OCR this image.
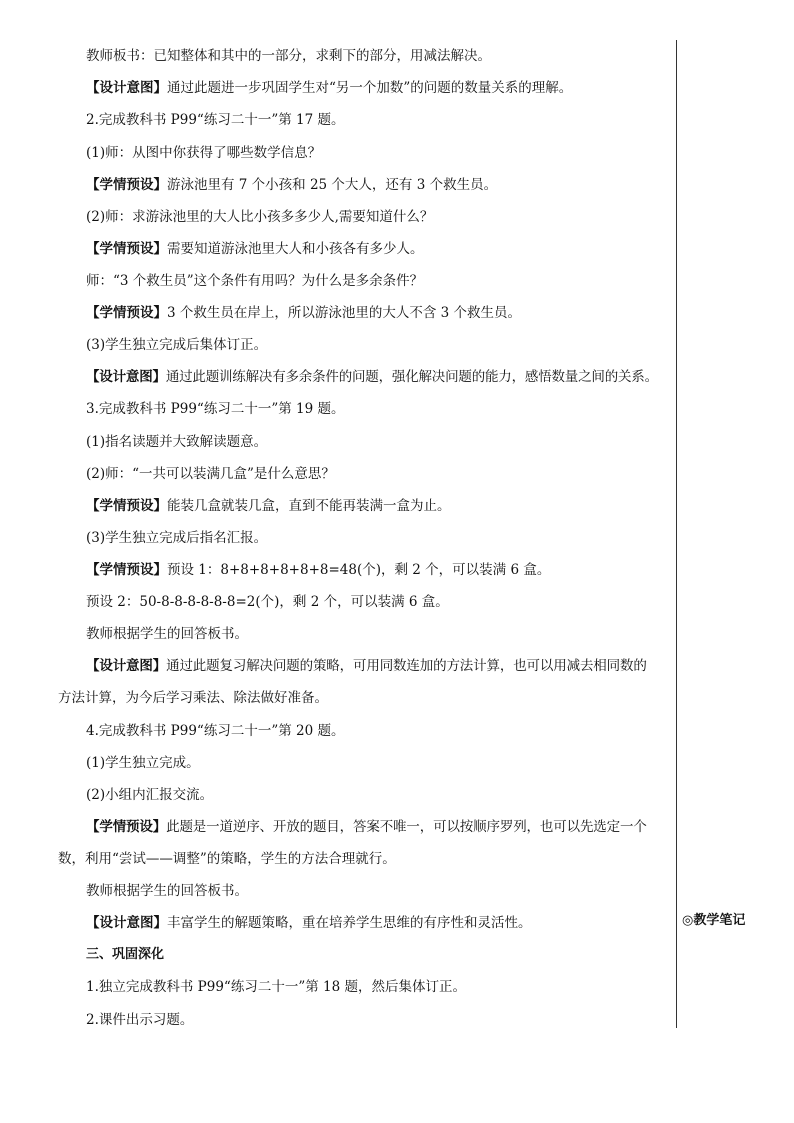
教师板书：已知整体和其中的一部分，求剩下的部分，用减法解决。
【设计意图】通过此题进一步巩固学生对“另一个加数”的问题的数量关系的理解。
2.完成教科书 P99“练习二十一”第 17 题。
(1)师：从图中你获得了哪些数学信息？
【学情预设】游泳池里有 7 个小孩和 25 个大人，还有 3 个救生员。
(2)师：求游泳池里的大人比小孩多多少人,需要知道什么？
【学情预设】需要知道游泳池里大人和小孩各有多少人。
师：“3 个救生员”这个条件有用吗？为什么是多余条件？
【学情预设】3 个救生员在岸上，所以游泳池里的大人不含 3 个救生员。
(3)学生独立完成后集体订正。
【设计意图】通过此题训练解决有多余条件的问题，强化解决问题的能力，感悟数量之间的关系。
3.完成教科书 P99“练习二十一”第 19 题。
(1)指名读题并大致解读题意。
(2)师：“一共可以装满几盒”是什么意思？
【学情预设】能装几盒就装几盒，直到不能再装满一盒为止。
(3)学生独立完成后指名汇报。
【学情预设】预设 1：8+8+8+8+8+8=48(个)，剩 2 个，可以装满 6 盒。
预设 2：50-8-8-8-8-8-8=2(个)，剩 2 个，可以装满 6 盒。
教师根据学生的回答板书。
【设计意图】通过此题复习解决问题的策略，可用同数连加的方法计算，也可以用减去相同数的
方法计算，为今后学习乘法、除法做好准备。
4.完成教科书 P99“练习二十一”第 20 题。
(1)学生独立完成。
(2)小组内汇报交流。
【学情预设】此题是一道逆序、开放的题目，答案不唯一，可以按顺序罗列，也可以先选定一个
数，利用“尝试——调整”的策略，学生的方法合理就行。
教师根据学生的回答板书。
【设计意图】丰富学生的解题策略，重在培养学生思维的有序性和灵活性。
三、巩固深化
1.独立完成教科书 P99“练习二十一”第 18 题，然后集体订正。
2.课件出示习题。
◎教学笔记
